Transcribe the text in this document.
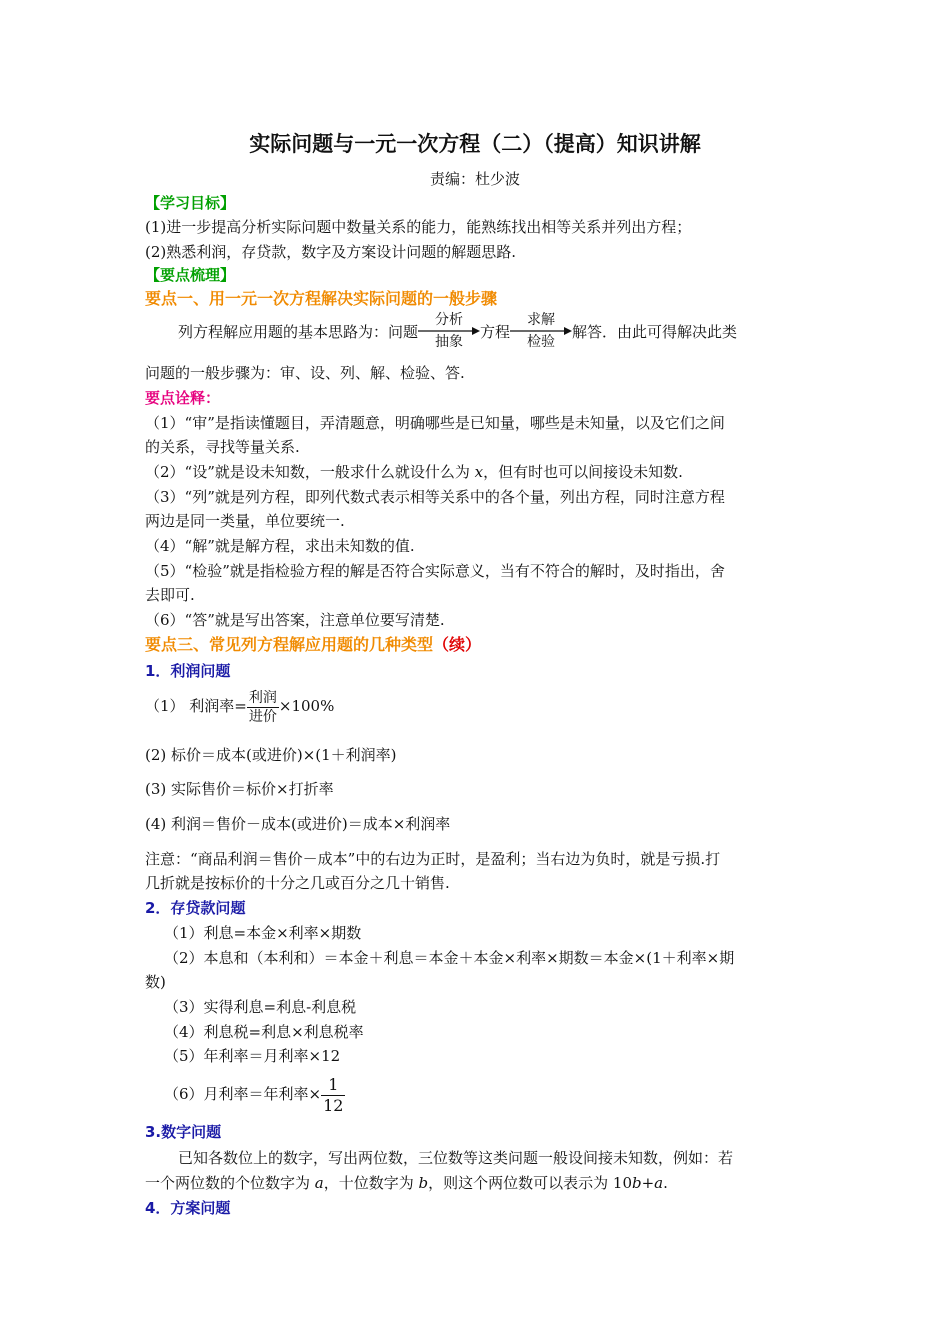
实际问题与一元一次方程（二）（提高）知识讲解
责编：杜少波
【学习目标】
(1)进一步提高分析实际问题中数量关系的能力，能熟练找出相等关系并列出方程；
(2)熟悉利润，存贷款，数字及方案设计问题的解题思路.
【要点梳理】
要点一、用一元一次方程解决实际问题的一般步骤
列方程解应用题的基本思路为：问题
分析
抽象
方程
求解
检验
解答．由此可得解决此类
问题的一般步骤为：审、设、列、解、检验、答.
要点诠释：
（1）“审”是指读懂题目，弄清题意，明确哪些是已知量，哪些是未知量，以及它们之间
的关系，寻找等量关系.
（2）“设”就是设未知数，一般求什么就设什么为 x，但有时也可以间接设未知数.
（3）“列”就是列方程，即列代数式表示相等关系中的各个量，列出方程，同时注意方程
两边是同一类量，单位要统一.
（4）“解”就是解方程，求出未知数的值.
（5）“检验”就是指检验方程的解是否符合实际意义，当有不符合的解时，及时指出，舍
去即可.
（6）“答”就是写出答案，注意单位要写清楚.
要点三、常见列方程解应用题的几种类型（续）
1．利润问题
（1） 利润率= $\frac{\text{利润}}{\text{进价}} \times 100\%$
(2) 标价＝成本(或进价)×(1＋利润率)
(3) 实际售价＝标价×打折率
(4) 利润＝售价－成本(或进价)＝成本×利润率
注意：“商品利润＝售价－成本”中的右边为正时，是盈利；当右边为负时，就是亏损.打
几折就是按标价的十分之几或百分之几十销售.
2．存贷款问题
（1）利息=本金×利率×期数
（2）本息和（本利和）＝本金＋利息＝本金＋本金×利率×期数＝本金×(1＋利率×期
数)
（3）实得利息=利息-利息税
（4）利息税=利息×利息税率
（5）年利率＝月利率×12
（6）月利率＝年利率× $\frac{1}{12}$
3.数字问题
已知各数位上的数字，写出两位数，三位数等这类问题一般设间接未知数，例如：若
一个两位数的个位数字为 a，十位数字为 b，则这个两位数可以表示为 10b+a.
4．方案问题
